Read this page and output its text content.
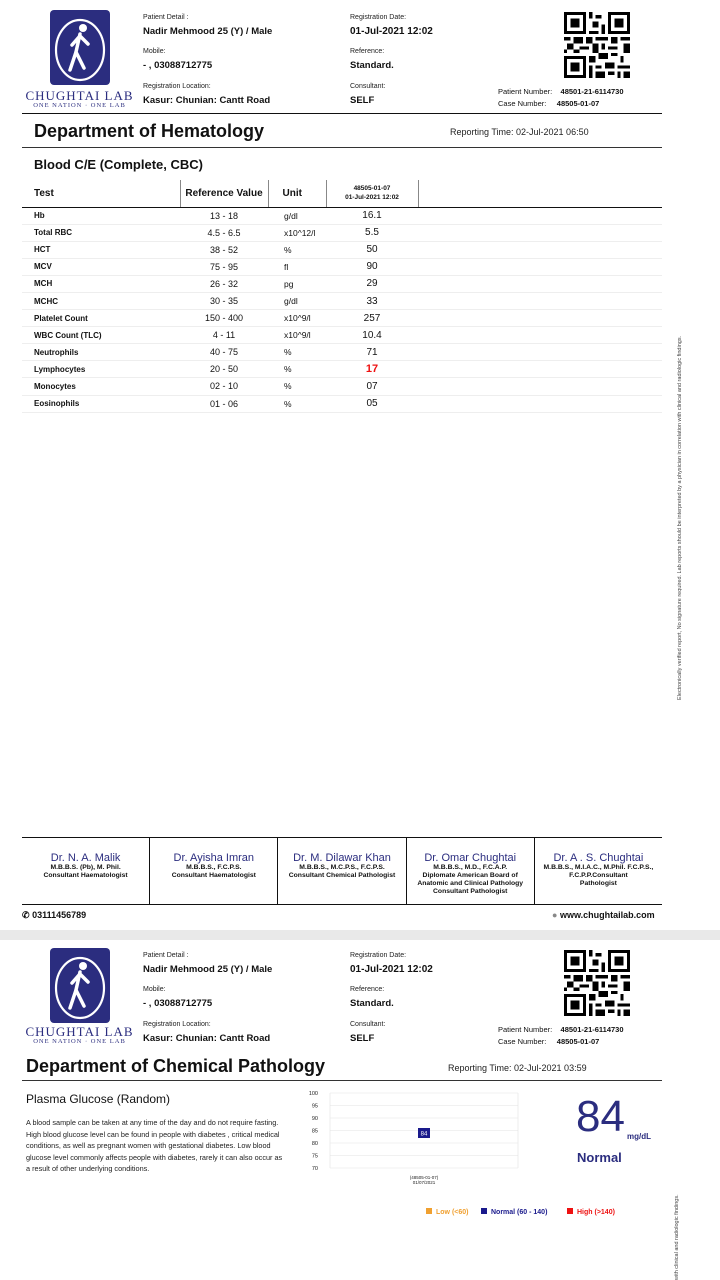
CHUGHTAI LAB
ONE NATION · ONE LAB
Patient Detail :
Nadir Mehmood 25 (Y) / Male
Mobile:
- , 03088712775
Registration Location:
Kasur: Chunian: Cantt Road
Registration Date:
01-Jul-2021 12:02
Reference:
Standard.
Consultant:
SELF
Patient Number: 48501-21-6114730
Case Number: 48505-01-07
Department of Hematology	Reporting Time: 02-Jul-2021 06:50
Blood C/E (Complete, CBC)
Test	Reference Value	Unit	48505-01-07
01-Jul-2021 12:02	

Hb	13 - 18	g/dl	16.1	
Total RBC	4.5 - 6.5	x10^12/l	5.5	
HCT	38 - 52	%	50	
MCV	75 - 95	fl	90	
MCH	26 - 32	pg	29	
MCHC	30 - 35	g/dl	33	
Platelet Count	150 - 400	x10^9/l	257	
WBC Count (TLC)	4 - 11	x10^9/l	10.4	
Neutrophils	40 - 75	%	71	
Lymphocytes	20 - 50	%	17	
Monocytes	02 - 10	%	07	
Eosinophils	01 - 06	%	05		Electronically verified report, No signature required. Lab reports should be interpreted by a physician in correlation with clinical and radiologic findings.
Dr. N. A. Malik
M.B.B.S. (Pb), M. Phil.
Consultant Haematologist
Dr. Ayisha Imran
M.B.B.S., F.C.P.S.
Consultant Haematologist
Dr. M. Dilawar Khan
M.B.B.S., M.C.P.S., F.C.P.S.
Consultant Chemical Pathologist
Dr. Omar Chughtai
M.B.B.S., M.D., F.C.A.P.
Diplomate American Board of Anatomic and Clinical Pathology Consultant Pathologist
Dr. A . S. Chughtai
M.B.B.S., M.I.A.C., M.Phil. F.C.P.S., F.C.P.P.Consultant
Pathologist
✆ 03111456789	● www.chughtailab.com
CHUGHTAI LAB
ONE NATION · ONE LAB
Patient Detail :
Nadir Mehmood 25 (Y) / Male
Mobile:
- , 03088712775
Registration Location:
Kasur: Chunian: Cantt Road
Registration Date:
01-Jul-2021 12:02
Reference:
Standard.
Consultant:
SELF
Patient Number: 48501-21-6114730
Case Number: 48505-01-07
Department of Chemical Pathology	Reporting Time: 02-Jul-2021 03:59
Plasma Glucose (Random)
A blood sample can be taken at any time of the day and do not require fasting. High blood glucose level can be found in people with diabetes , critical medical conditions, as well as pregnant women with gestational diabetes. Low blood glucose level commonly affects people with diabetes, rarely it can also occur as a result of other underlying conditions.
100
95
90
85
80
75
70
84
(48505-01-07)
01/07/2021
84 mg/dL
Normal
Low (<60)	Normal (60 - 140)	High (>140)	with clinical and radiologic findings.
